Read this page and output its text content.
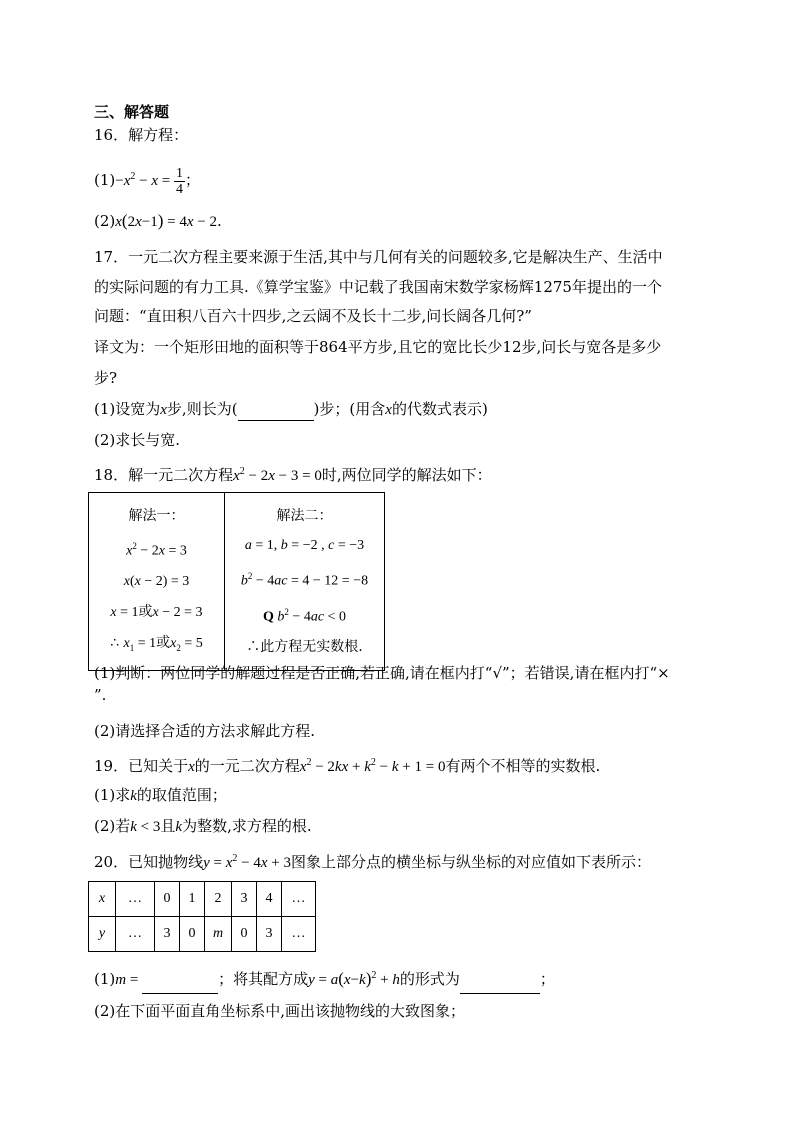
三、解答题
16．解方程：
$(1)-x^2 - x = \frac{1}{4}$ ；
(2)x(2x−1) = 4x − 2.
17．一元二次方程主要来源于生活,其中与几何有关的问题较多,它是解决生产、生活中
的实际问题的有力工具.《算学宝鉴》中记载了我国南宋数学家杨辉1275年提出的一个
问题：“直田积八百六十四步,之云阔不及长十二步,问长阔各几何?”
译文为：一个矩形田地的面积等于864平方步,且它的宽比长少12步,问长与宽各是多少
步?
(1)设宽为x步,则长为(	)步；(用含x的代数式表示)
(2)求长与宽.
18．解一元二次方程$x^2 - 2x - 3 = 0$时,两位同学的解法如下：
解法一：
$x^2 - 2x = 3$
x(x − 2) = 3
x = 1或x − 2 = 3
∴ $x_1 = 1$或$x_2 = 5$

解法二：
a = 1, b = −2 , c = −3
$b^2 - 4ac = 4 - 12 = -8$
Q $b^2 - 4ac < 0$
∴此方程无实数根.
(1)判断：两位同学的解题过程是否正确,若正确,请在框内打“√”；若错误,请在框内打“×
”.
(2)请选择合适的方法求解此方程.
19．已知关于x的一元二次方程$x^2 - 2kx + k^2 - k + 1 = 0$有两个不相等的实数根.
(1)求k的取值范围；
(2)若k < 3且k为整数,求方程的根.
20．已知抛物线$y = x^2 - 4x + 3$图象上部分点的横坐标与纵坐标的对应值如下表所示：
x	…	0	1	2	3	4	…
y	…	3	0	m	0	3	…
(1)m =	；将其配方成$y = a(x-k)^2 + h$的形式为	；
(2)在下面平面直角坐标系中,画出该抛物线的大致图象；
